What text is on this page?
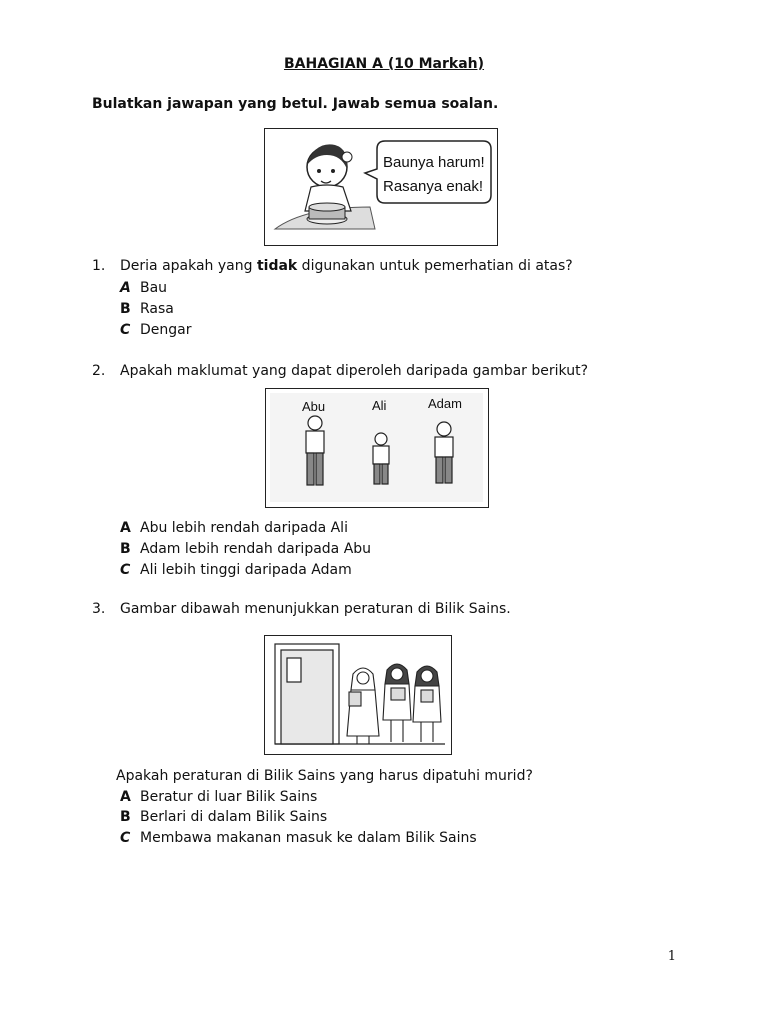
BAHAGIAN A (10 Markah)
Bulatkan jawapan yang betul. Jawab semua soalan.
Baunya harum!
Rasanya enak!
1. Deria apakah yang tidak digunakan untuk pemerhatian di atas?
A Bau
B Rasa
C Dengar
2. Apakah maklumat yang dapat diperoleh daripada gambar berikut?
Abu	Ali	Adam
A Abu lebih rendah daripada Ali
B Adam lebih rendah daripada Abu
C Ali lebih tinggi daripada Adam
3. Gambar dibawah menunjukkan peraturan di Bilik Sains.
Apakah peraturan di Bilik Sains yang harus dipatuhi murid?
A Beratur di luar Bilik Sains
B Berlari di dalam Bilik Sains
C Membawa makanan masuk ke dalam Bilik Sains
1
